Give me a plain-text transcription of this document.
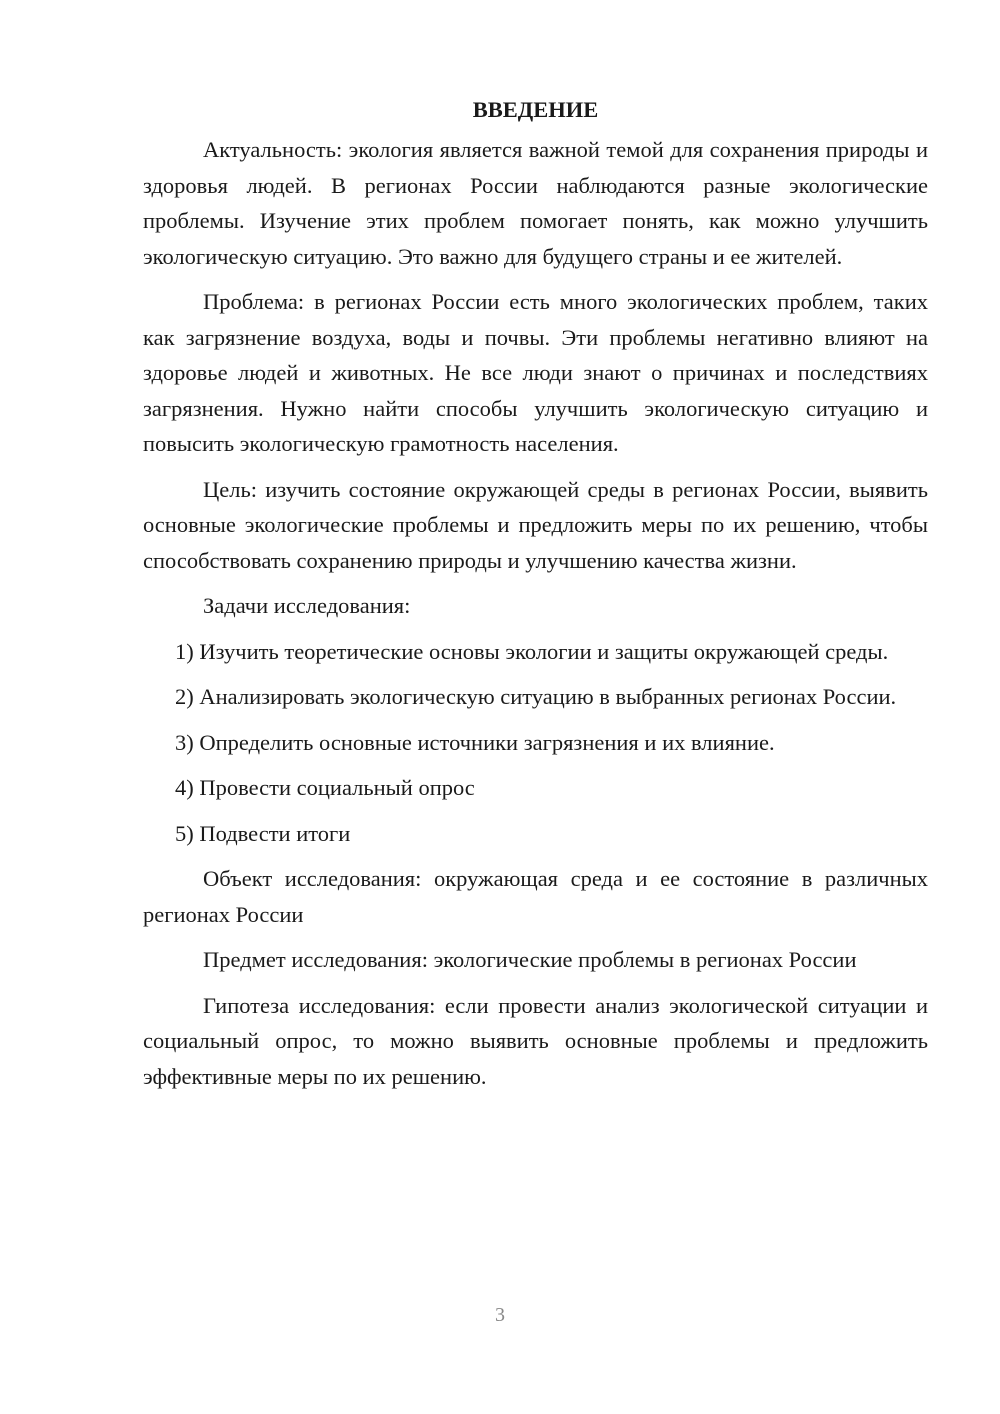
ВВЕДЕНИЕ

Актуальность: экология является важной темой для сохранения природы и здоровья людей. В регионах России наблюдаются разные экологические проблемы. Изучение этих проблем помогает понять, как можно улучшить экологическую ситуацию. Это важно для будущего страны и ее жителей.

Проблема: в регионах России есть много экологических проблем, таких как загрязнение воздуха, воды и почвы. Эти проблемы негативно влияют на здоровье людей и животных. Не все люди знают о причинах и последствиях загрязнения. Нужно найти способы улучшить экологическую ситуацию и повысить экологическую грамотность населения.

Цель: изучить состояние окружающей среды в регионах России, выявить основные экологические проблемы и предложить меры по их решению, чтобы способствовать сохранению природы и улучшению качества жизни.

Задачи исследования:

1) Изучить теоретические основы экологии и защиты окружающей среды.

2) Анализировать экологическую ситуацию в выбранных регионах России.

3) Определить основные источники загрязнения и их влияние.

4) Провести социальный опрос

5) Подвести итоги

Объект исследования: окружающая среда и ее состояние в различных регионах России

Предмет исследования: экологические проблемы в регионах России

Гипотеза исследования: если провести анализ экологической ситуации и социальный опрос, то можно выявить основные проблемы и предложить эффективные меры по их решению.

3
